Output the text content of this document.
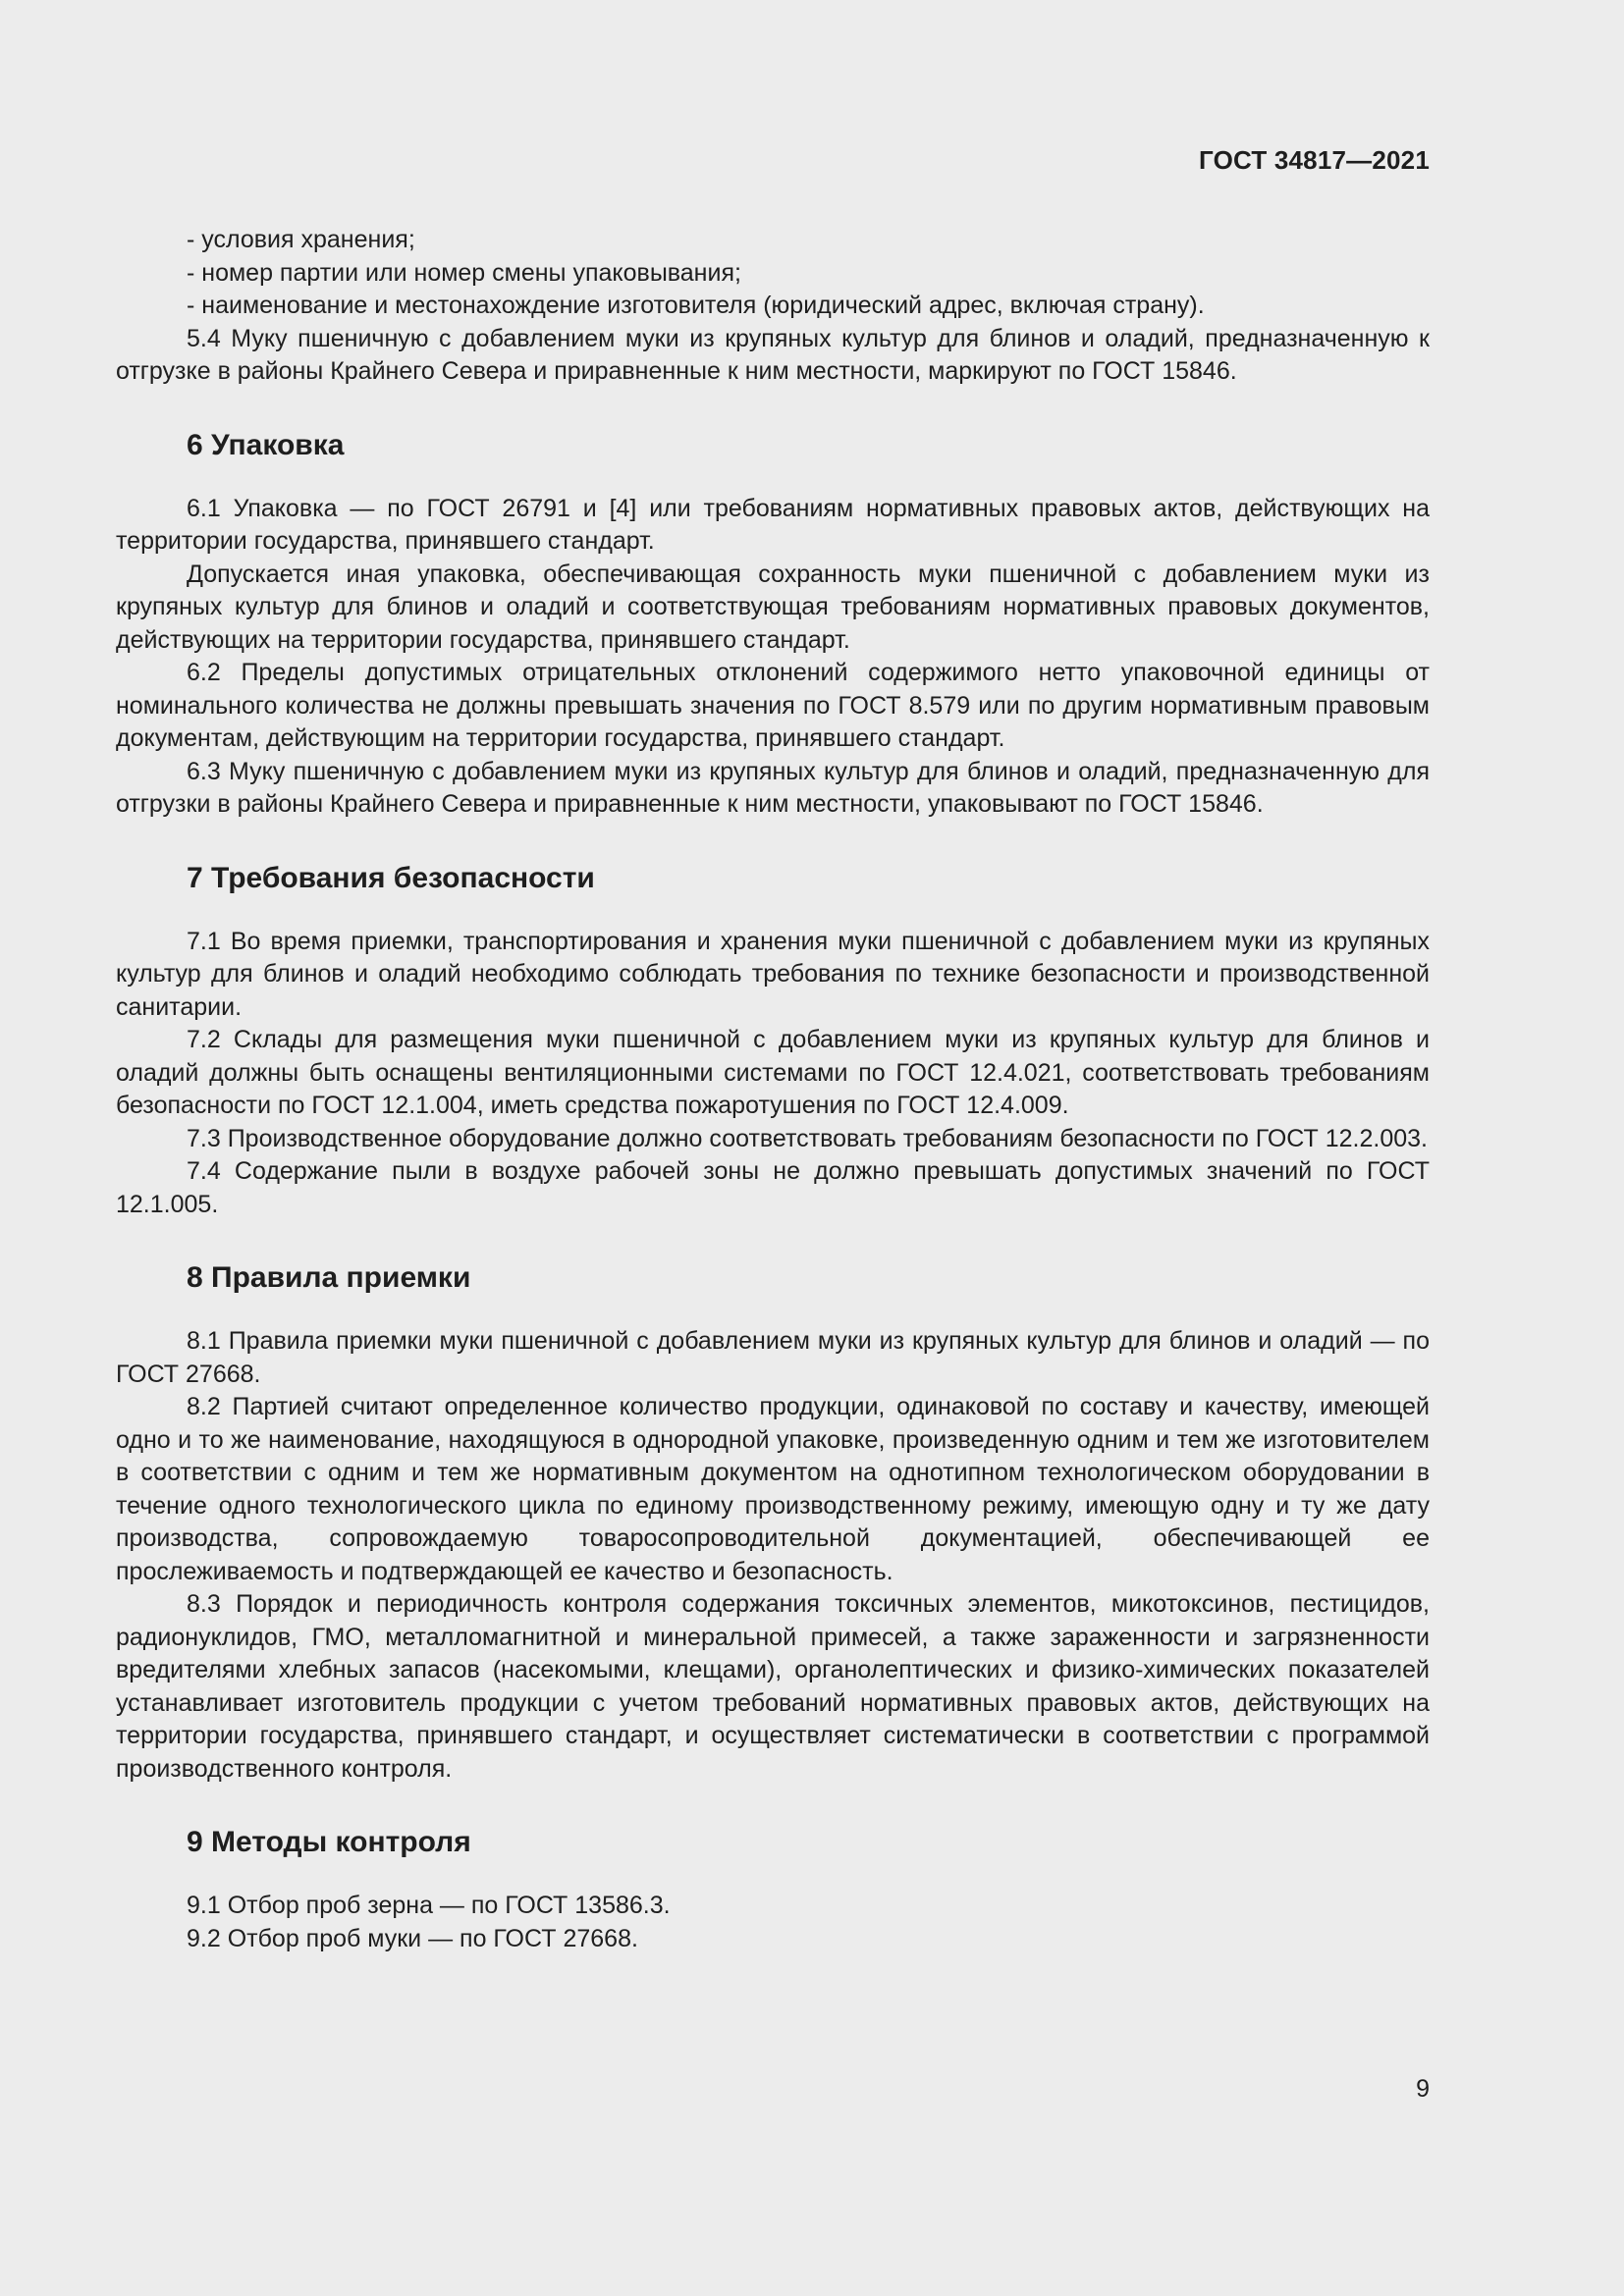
ГОСТ 34817—2021

- условия хранения;

- номер партии или номер смены упаковывания;

- наименование и местонахождение изготовителя (юридический адрес, включая страну).

5.4 Муку пшеничную с добавлением муки из крупяных культур для блинов и оладий, предназначенную к отгрузке в районы Крайнего Севера и приравненные к ним местности, маркируют по ГОСТ 15846.

6 Упаковка

6.1 Упаковка — по ГОСТ 26791 и [4] или требованиям нормативных правовых актов, действующих на территории государства, принявшего стандарт.

Допускается иная упаковка, обеспечивающая сохранность муки пшеничной с добавлением муки из крупяных культур для блинов и оладий и соответствующая требованиям нормативных правовых документов, действующих на территории государства, принявшего стандарт.

6.2 Пределы допустимых отрицательных отклонений содержимого нетто упаковочной единицы от номинального количества не должны превышать значения по ГОСТ 8.579 или по другим нормативным правовым документам, действующим на территории государства, принявшего стандарт.

6.3 Муку пшеничную с добавлением муки из крупяных культур для блинов и оладий, предназначенную для отгрузки в районы Крайнего Севера и приравненные к ним местности, упаковывают по ГОСТ 15846.

7 Требования безопасности

7.1 Во время приемки, транспортирования и хранения муки пшеничной с добавлением муки из крупяных культур для блинов и оладий необходимо соблюдать требования по технике безопасности и производственной санитарии.

7.2 Склады для размещения муки пшеничной с добавлением муки из крупяных культур для блинов и оладий должны быть оснащены вентиляционными системами по ГОСТ 12.4.021, соответствовать требованиям безопасности по ГОСТ 12.1.004, иметь средства пожаротушения по ГОСТ 12.4.009.

7.3 Производственное оборудование должно соответствовать требованиям безопасности по ГОСТ 12.2.003.

7.4 Содержание пыли в воздухе рабочей зоны не должно превышать допустимых значений по ГОСТ 12.1.005.

8 Правила приемки

8.1 Правила приемки муки пшеничной с добавлением муки из крупяных культур для блинов и оладий — по ГОСТ 27668.

8.2 Партией считают определенное количество продукции, одинаковой по составу и качеству, имеющей одно и то же наименование, находящуюся в однородной упаковке, произведенную одним и тем же изготовителем в соответствии с одним и тем же нормативным документом на однотипном технологическом оборудовании в течение одного технологического цикла по единому производственному режиму, имеющую одну и ту же дату производства, сопровождаемую товаросопроводительной документацией, обеспечивающей ее прослеживаемость и подтверждающей ее качество и безопасность.

8.3 Порядок и периодичность контроля содержания токсичных элементов, микотоксинов, пестицидов, радионуклидов, ГМО, металломагнитной и минеральной примесей, а также зараженности и загрязненности вредителями хлебных запасов (насекомыми, клещами), органолептических и физико-химических показателей устанавливает изготовитель продукции с учетом требований нормативных правовых актов, действующих на территории государства, принявшего стандарт, и осуществляет систематически в соответствии с программой производственного контроля.

9 Методы контроля

9.1 Отбор проб зерна — по ГОСТ 13586.3.

9.2 Отбор проб муки — по ГОСТ 27668.

9
